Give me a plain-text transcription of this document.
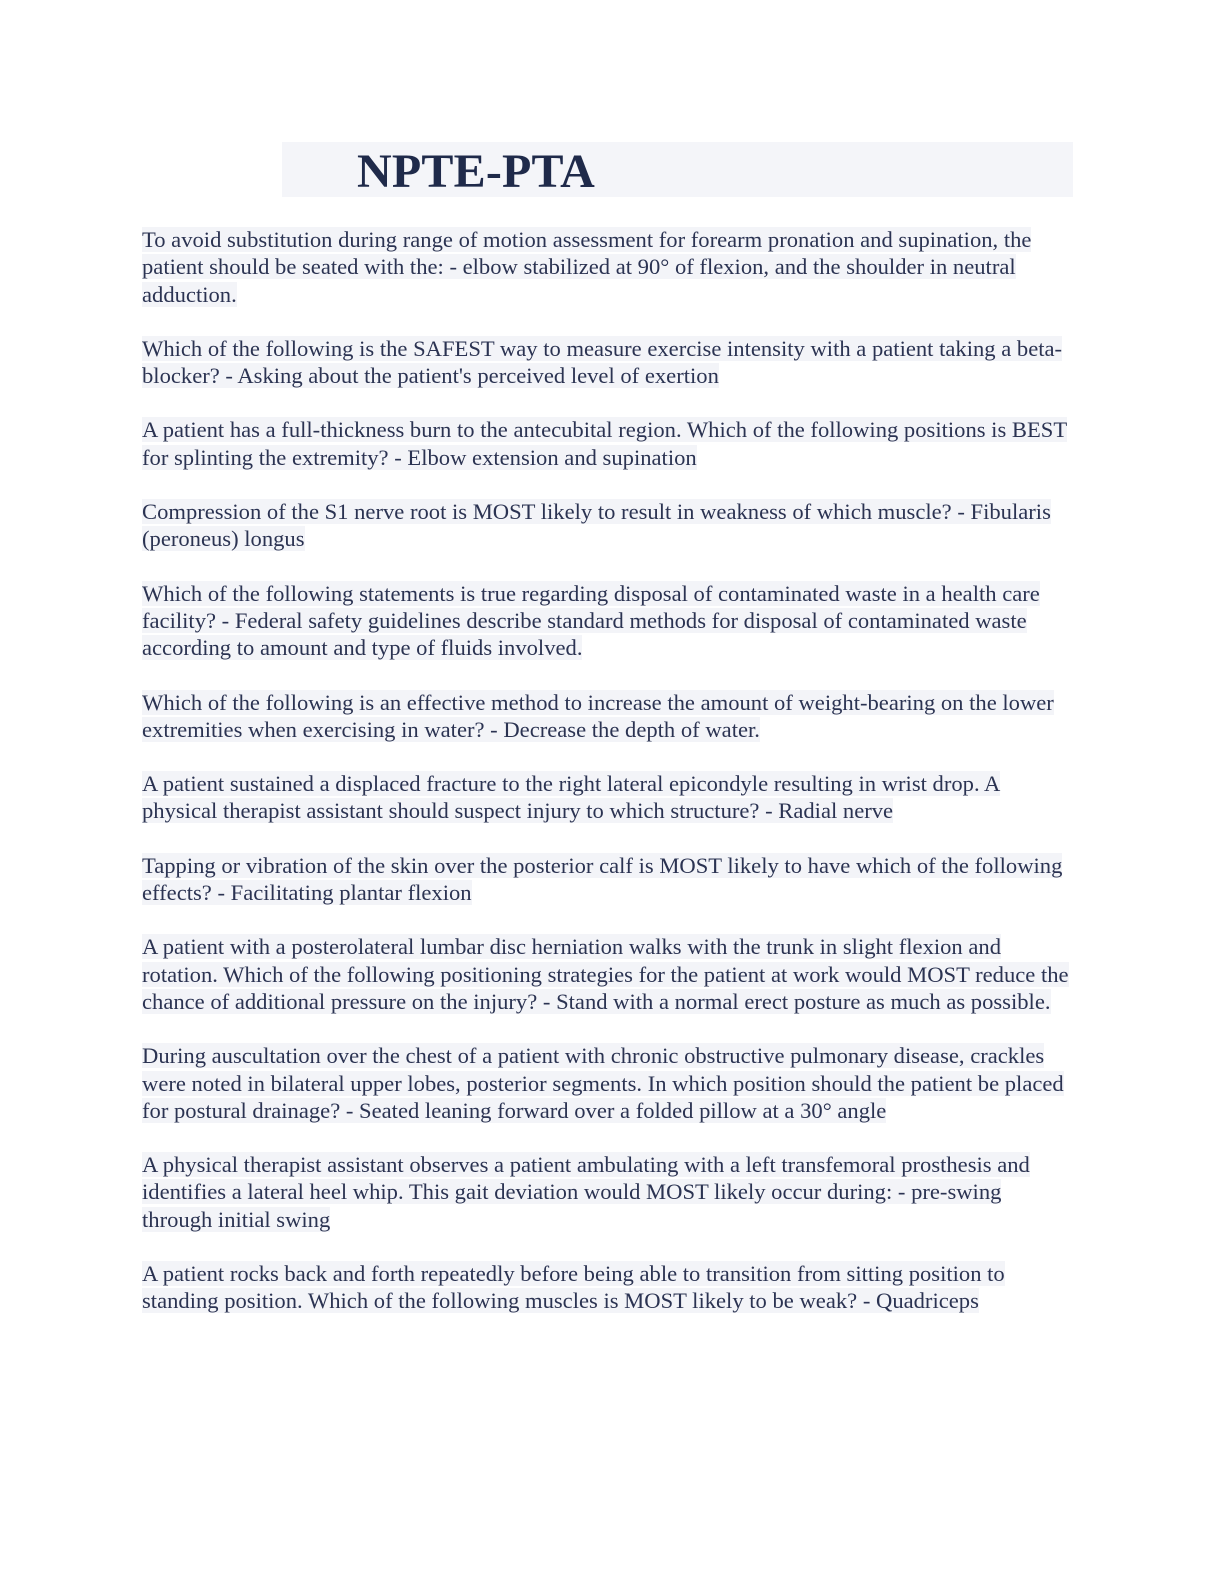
NPTE-PTA

To avoid substitution during range of motion assessment for forearm pronation and supination, the patient should be seated with the: - elbow stabilized at 90° of flexion, and the shoulder in neutral adduction.

Which of the following is the SAFEST way to measure exercise intensity with a patient taking a beta-blocker? - Asking about the patient's perceived level of exertion

A patient has a full-thickness burn to the antecubital region. Which of the following positions is BEST for splinting the extremity? - Elbow extension and supination

Compression of the S1 nerve root is MOST likely to result in weakness of which muscle? - Fibularis (peroneus) longus

Which of the following statements is true regarding disposal of contaminated waste in a health care facility? - Federal safety guidelines describe standard methods for disposal of contaminated waste according to amount and type of fluids involved.

Which of the following is an effective method to increase the amount of weight-bearing on the lower extremities when exercising in water? - Decrease the depth of water.

A patient sustained a displaced fracture to the right lateral epicondyle resulting in wrist drop. A physical therapist assistant should suspect injury to which structure? - Radial nerve

Tapping or vibration of the skin over the posterior calf is MOST likely to have which of the following effects? - Facilitating plantar flexion

A patient with a posterolateral lumbar disc herniation walks with the trunk in slight flexion and rotation. Which of the following positioning strategies for the patient at work would MOST reduce the chance of additional pressure on the injury? - Stand with a normal erect posture as much as possible.

During auscultation over the chest of a patient with chronic obstructive pulmonary disease, crackles were noted in bilateral upper lobes, posterior segments. In which position should the patient be placed for postural drainage? - Seated leaning forward over a folded pillow at a 30° angle

A physical therapist assistant observes a patient ambulating with a left transfemoral prosthesis and identifies a lateral heel whip. This gait deviation would MOST likely occur during: - pre-swing through initial swing

A patient rocks back and forth repeatedly before being able to transition from sitting position to standing position. Which of the following muscles is MOST likely to be weak? - Quadriceps
